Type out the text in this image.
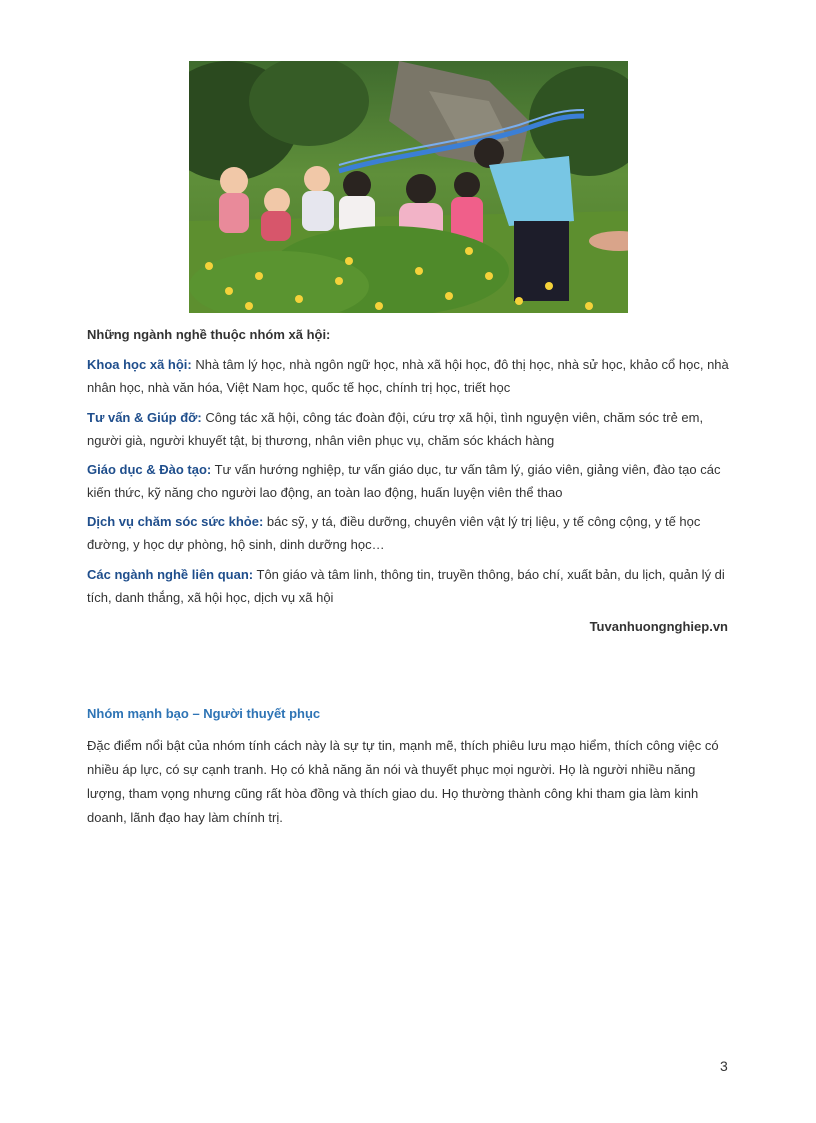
Những ngành nghề thuộc nhóm xã hội:
Khoa học xã hội: Nhà tâm lý học, nhà ngôn ngữ học, nhà xã hội học, đô thị học, nhà sử học, khảo cổ học, nhà nhân học, nhà văn hóa, Việt Nam học, quốc tế học, chính trị học, triết học
Tư vấn & Giúp đỡ: Công tác xã hội, công tác đoàn đội, cứu trợ xã hội, tình nguyện viên, chăm sóc trẻ em, người già, người khuyết tật, bị thương, nhân viên phục vụ, chăm sóc khách hàng
Giáo dục & Đào tạo: Tư vấn hướng nghiệp, tư vấn giáo dục, tư vấn tâm lý, giáo viên, giảng viên, đào tạo các kiến thức, kỹ năng cho người lao động, an toàn lao động, huấn luyện viên thể thao
Dịch vụ chăm sóc sức khỏe: bác sỹ, y tá, điều dưỡng, chuyên viên vật lý trị liệu, y tế công cộng, y tế học đường, y học dự phòng, hộ sinh, dinh dưỡng học…
Các ngành nghề liên quan: Tôn giáo và tâm linh, thông tin, truyền thông, báo chí, xuất bản, du lịch, quản lý di tích, danh thắng, xã hội học, dịch vụ xã hội
Tuvanhuongnghiep.vn
Nhóm mạnh bạo – Người thuyết phục
Đặc điểm nổi bật của nhóm tính cách này là sự tự tin, mạnh mẽ, thích phiêu lưu mạo hiểm, thích công việc có nhiều áp lực, có sự cạnh tranh. Họ có khả năng ăn nói và thuyết phục mọi người. Họ là người nhiều năng lượng, tham vọng nhưng cũng rất hòa đồng và thích giao du. Họ thường thành công khi tham gia làm kinh doanh, lãnh đạo hay làm chính trị.
3
